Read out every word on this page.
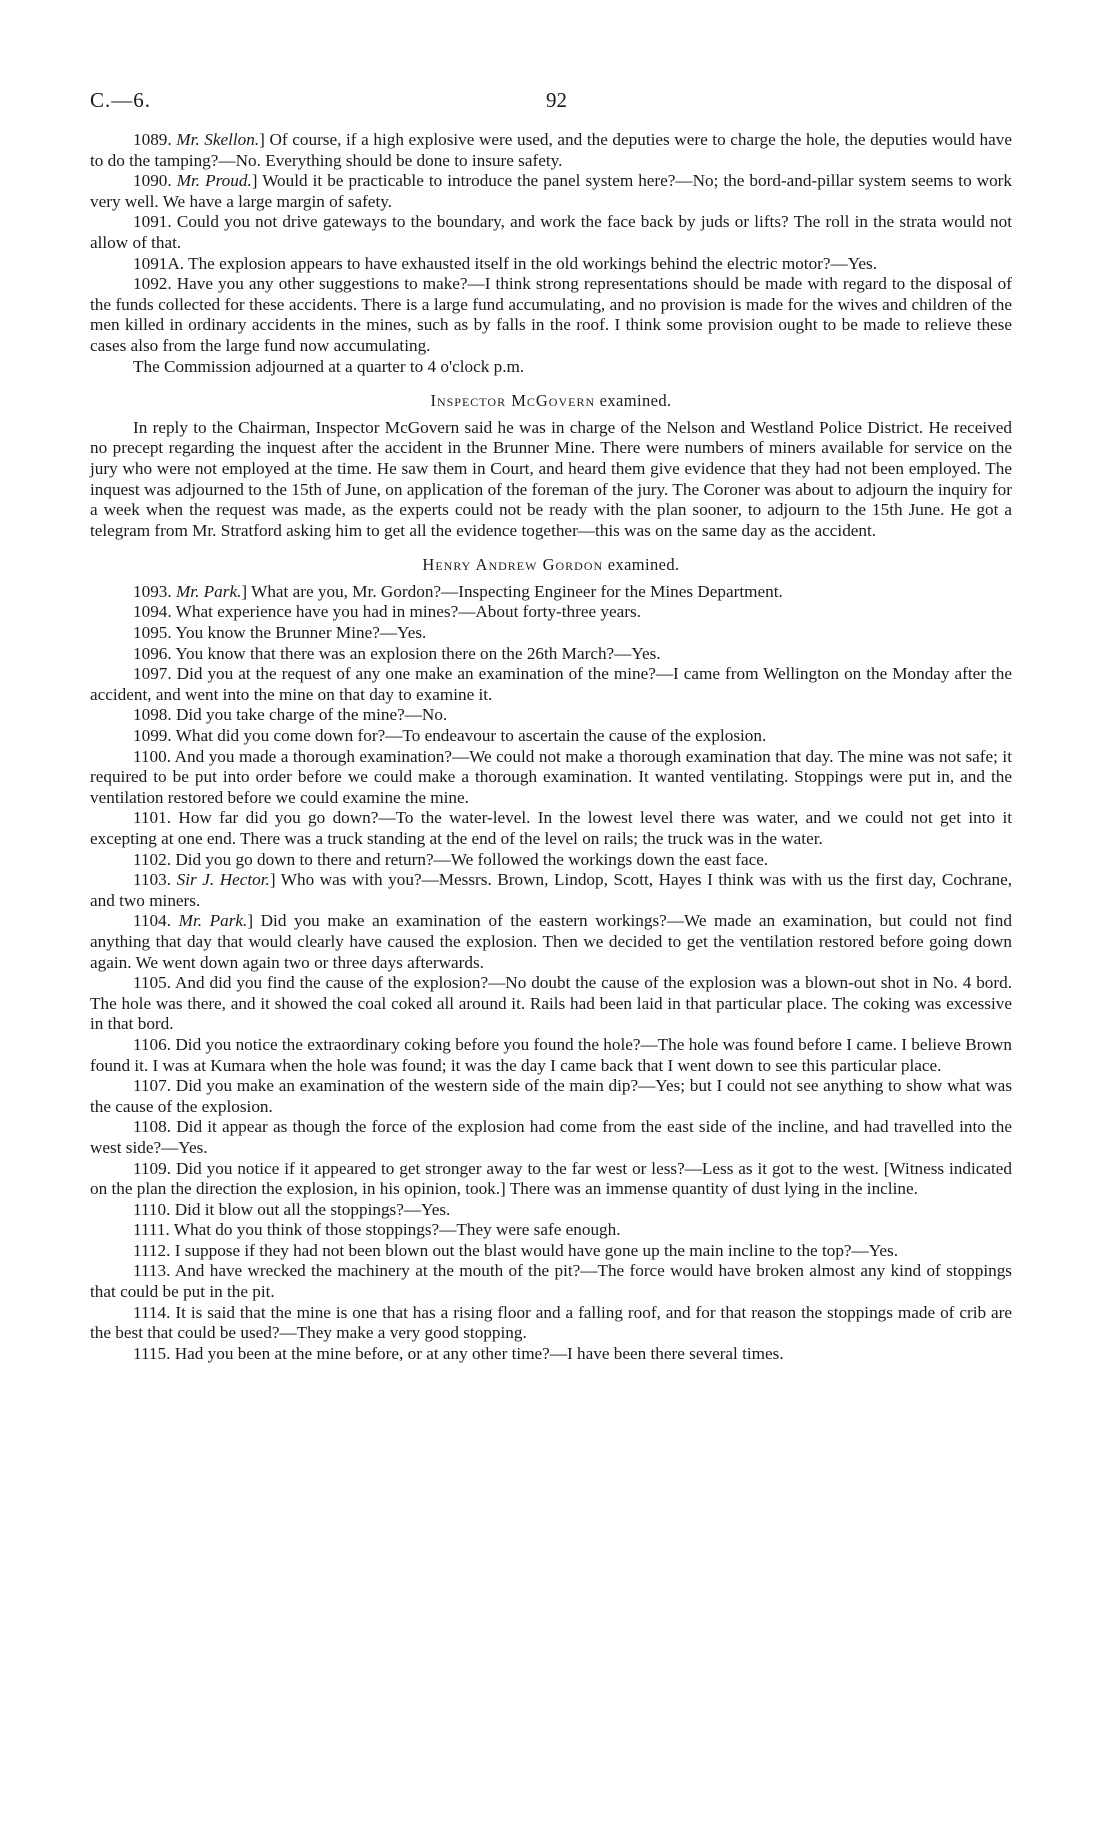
C.—6.	92

1089. Mr. Skellon.] Of course, if a high explosive were used, and the deputies were to charge the hole, the deputies would have to do the tamping?—No. Everything should be done to insure safety.

1090. Mr. Proud.] Would it be practicable to introduce the panel system here?—No; the bord-and-pillar system seems to work very well. We have a large margin of safety.

1091. Could you not drive gateways to the boundary, and work the face back by juds or lifts? The roll in the strata would not allow of that.

1091A. The explosion appears to have exhausted itself in the old workings behind the electric motor?—Yes.

1092. Have you any other suggestions to make?—I think strong representations should be made with regard to the disposal of the funds collected for these accidents. There is a large fund accumulating, and no provision is made for the wives and children of the men killed in ordinary accidents in the mines, such as by falls in the roof. I think some provision ought to be made to relieve these cases also from the large fund now accumulating.

The Commission adjourned at a quarter to 4 o'clock p.m.

Inspector McGovern examined.

In reply to the Chairman, Inspector McGovern said he was in charge of the Nelson and Westland Police District. He received no precept regarding the inquest after the accident in the Brunner Mine. There were numbers of miners available for service on the jury who were not employed at the time. He saw them in Court, and heard them give evidence that they had not been employed. The inquest was adjourned to the 15th of June, on application of the foreman of the jury. The Coroner was about to adjourn the inquiry for a week when the request was made, as the experts could not be ready with the plan sooner, to adjourn to the 15th June. He got a telegram from Mr. Stratford asking him to get all the evidence together—this was on the same day as the accident.

Henry Andrew Gordon examined.

1093. Mr. Park.] What are you, Mr. Gordon?—Inspecting Engineer for the Mines Department.

1094. What experience have you had in mines?—About forty-three years.

1095. You know the Brunner Mine?—Yes.

1096. You know that there was an explosion there on the 26th March?—Yes.

1097. Did you at the request of any one make an examination of the mine?—I came from Wellington on the Monday after the accident, and went into the mine on that day to examine it.

1098. Did you take charge of the mine?—No.

1099. What did you come down for?—To endeavour to ascertain the cause of the explosion.

1100. And you made a thorough examination?—We could not make a thorough examination that day. The mine was not safe; it required to be put into order before we could make a thorough examination. It wanted ventilating. Stoppings were put in, and the ventilation restored before we could examine the mine.

1101. How far did you go down?—To the water-level. In the lowest level there was water, and we could not get into it excepting at one end. There was a truck standing at the end of the level on rails; the truck was in the water.

1102. Did you go down to there and return?—We followed the workings down the east face.

1103. Sir J. Hector.] Who was with you?—Messrs. Brown, Lindop, Scott, Hayes I think was with us the first day, Cochrane, and two miners.

1104. Mr. Park.] Did you make an examination of the eastern workings?—We made an examination, but could not find anything that day that would clearly have caused the explosion. Then we decided to get the ventilation restored before going down again. We went down again two or three days afterwards.

1105. And did you find the cause of the explosion?—No doubt the cause of the explosion was a blown-out shot in No. 4 bord. The hole was there, and it showed the coal coked all around it. Rails had been laid in that particular place. The coking was excessive in that bord.

1106. Did you notice the extraordinary coking before you found the hole?—The hole was found before I came. I believe Brown found it. I was at Kumara when the hole was found; it was the day I came back that I went down to see this particular place.

1107. Did you make an examination of the western side of the main dip?—Yes; but I could not see anything to show what was the cause of the explosion.

1108. Did it appear as though the force of the explosion had come from the east side of the incline, and had travelled into the west side?—Yes.

1109. Did you notice if it appeared to get stronger away to the far west or less?—Less as it got to the west. [Witness indicated on the plan the direction the explosion, in his opinion, took.] There was an immense quantity of dust lying in the incline.

1110. Did it blow out all the stoppings?—Yes.

1111. What do you think of those stoppings?—They were safe enough.

1112. I suppose if they had not been blown out the blast would have gone up the main incline to the top?—Yes.

1113. And have wrecked the machinery at the mouth of the pit?—The force would have broken almost any kind of stoppings that could be put in the pit.

1114. It is said that the mine is one that has a rising floor and a falling roof, and for that reason the stoppings made of crib are the best that could be used?—They make a very good stopping.

1115. Had you been at the mine before, or at any other time?—I have been there several times.
